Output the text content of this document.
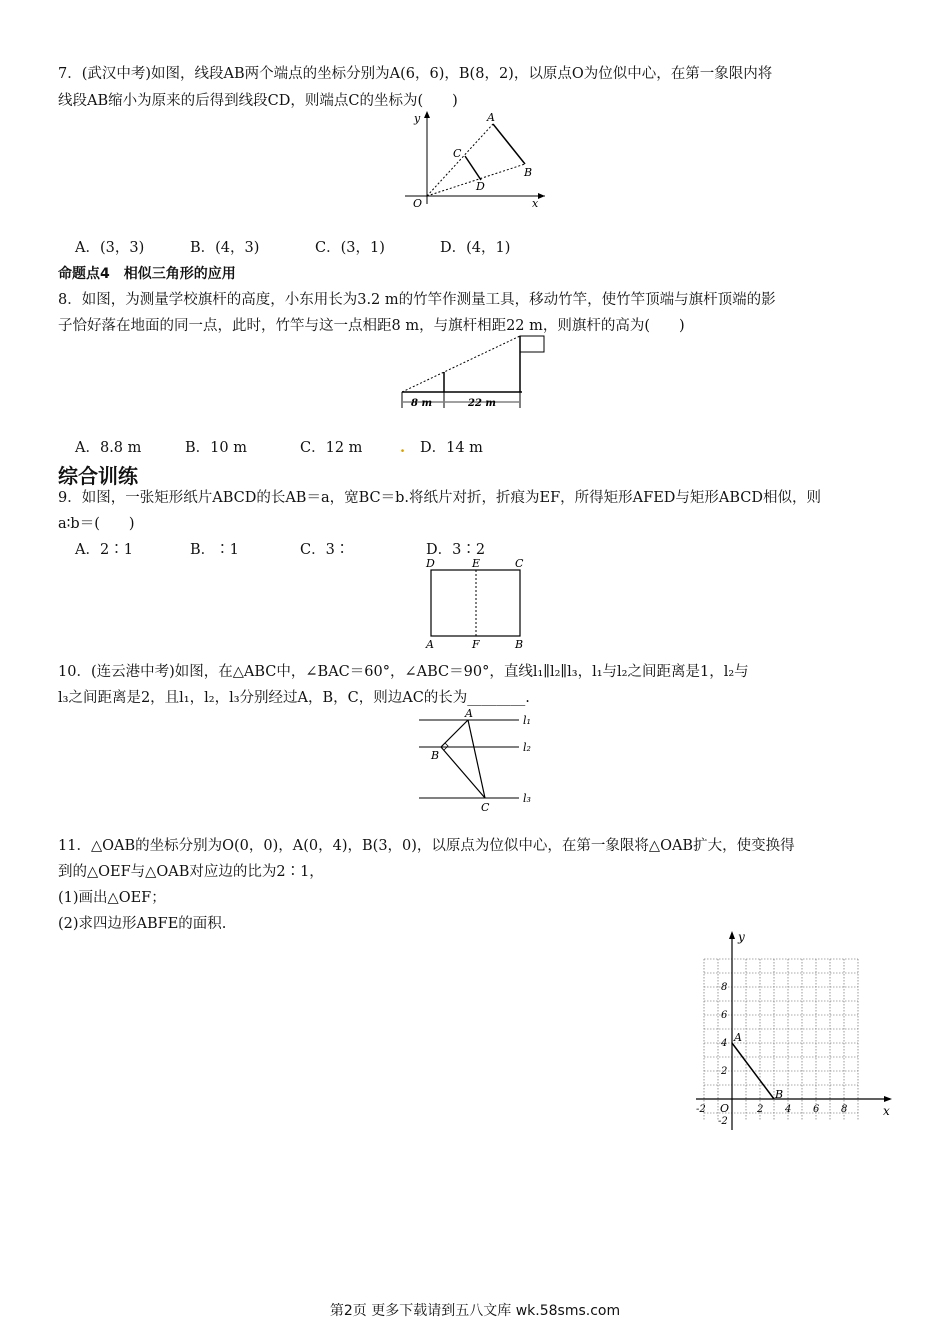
7．(武汉中考)如图，线段AB两个端点的坐标分别为A(6，6)，B(8，2)，以原点O为位似中心，在第一象限内将
线段AB缩小为原来的后得到线段CD，则端点C的坐标为(　　)
y
x
O
A
B
C
D
A．(3，3)	B．(4，3)	C．(3，1)	D．(4，1)
命题点4　相似三角形的应用
8．如图，为测量学校旗杆的高度，小东用长为3.2 m的竹竿作测量工具，移动竹竿，使竹竿顶端与旗杆顶端的影
子恰好落在地面的同一点，此时，竹竿与这一点相距8 m，与旗杆相距22 m，则旗杆的高为(　　)
8 m	22 m
A．8.8 m	B．10 m	C．12 m	. D．14 m
综合训练
9．如图，一张矩形纸片ABCD的长AB＝a，宽BC＝b.将纸片对折，折痕为EF，所得矩形AFED与矩形ABCD相似，则
a∶b＝(　　)
A．2∶1	B．∶1	C．3∶	D．3∶2
D	E	C
A	F	B
10．(连云港中考)如图，在△ABC中，∠BAC＝60°，∠ABC＝90°，直线l₁∥l₂∥l₃，l₁与l₂之间距离是1，l₂与
l₃之间距离是2，且l₁，l₂，l₃分别经过A，B，C，则边AC的长为________.
A
B
C
l₁
l₂
l₃
11．△OAB的坐标分别为O(0，0)，A(0，4)，B(3，0)，以原点为位似中心，在第一象限将△OAB扩大，使变换得
到的△OEF与△OAB对应边的比为2∶1，
(1)画出△OEF；
(2)求四边形ABFE的面积.
y
x
O
A
B
8
6
4
2
-2
-2	2 4 6 8
第2页 更多下载请到五八文库 wk.58sms.com
